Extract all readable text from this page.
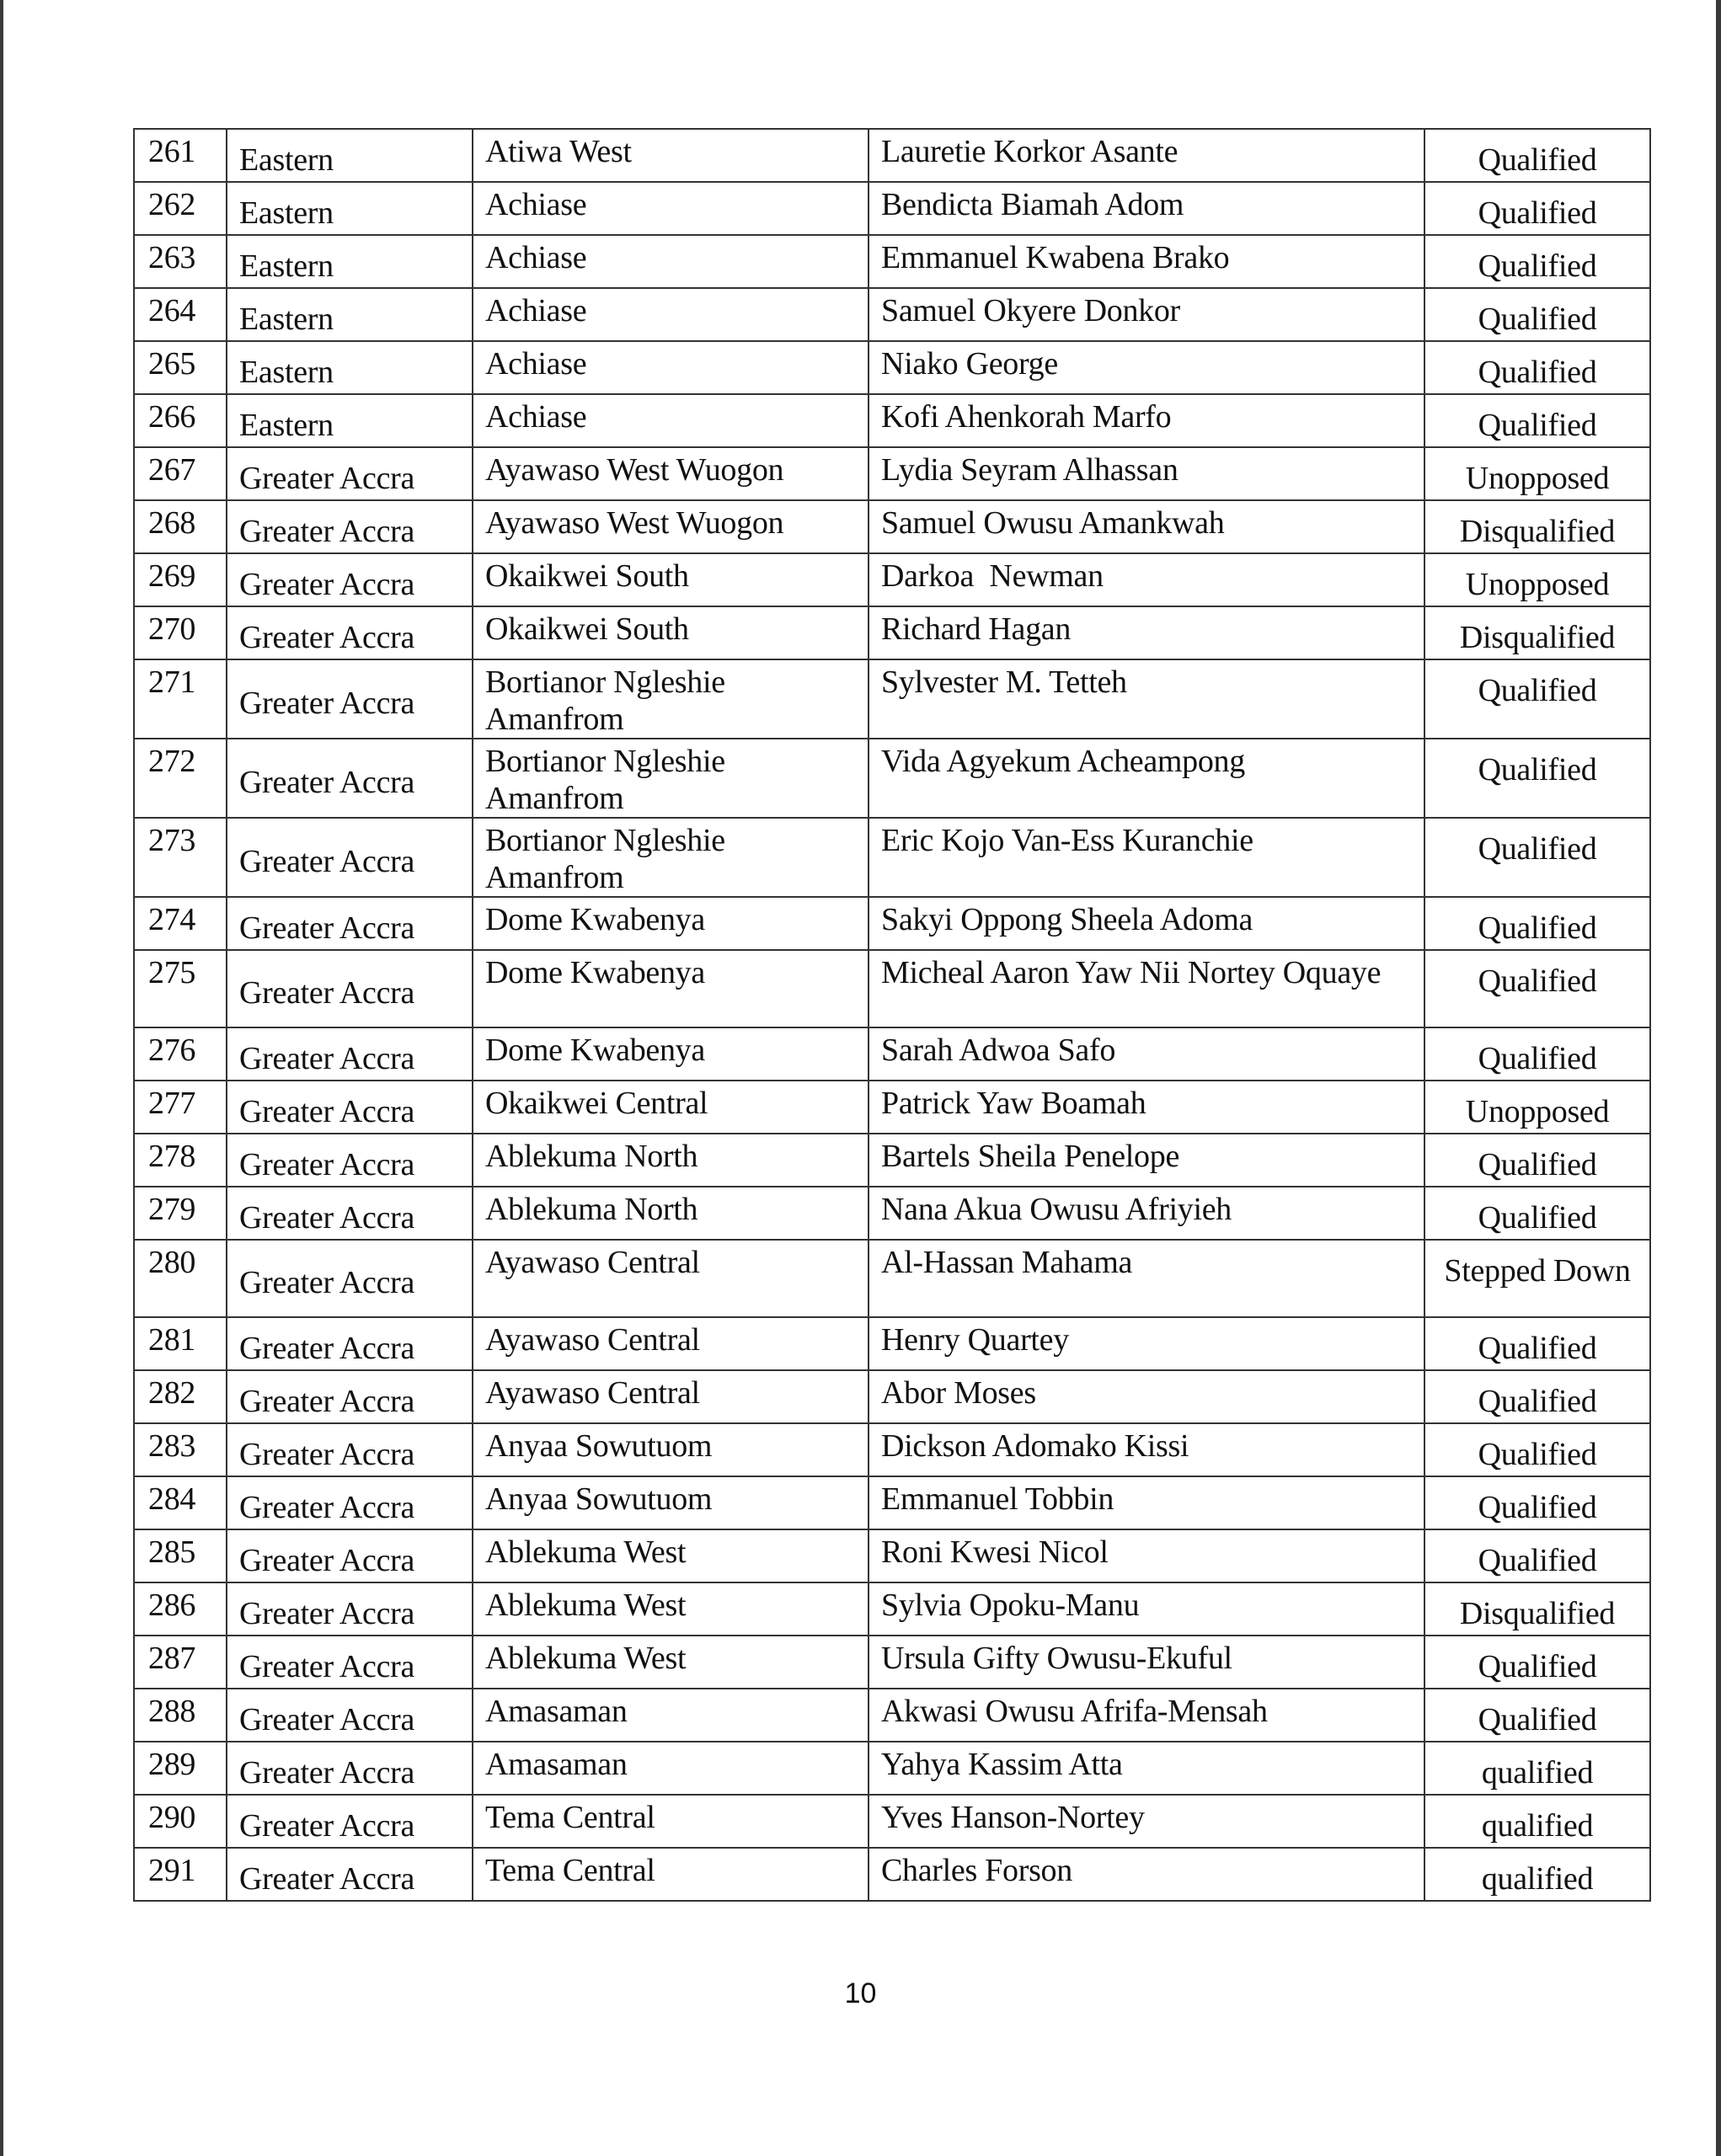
261	Eastern	Atiwa West	Lauretie Korkor Asante	Qualified
262	Eastern	Achiase	Bendicta Biamah Adom	Qualified
263	Eastern	Achiase	Emmanuel Kwabena Brako	Qualified
264	Eastern	Achiase	Samuel Okyere Donkor	Qualified
265	Eastern	Achiase	Niako George	Qualified
266	Eastern	Achiase	Kofi Ahenkorah Marfo	Qualified
267	Greater Accra	Ayawaso West Wuogon	Lydia Seyram Alhassan	Unopposed
268	Greater Accra	Ayawaso West Wuogon	Samuel Owusu Amankwah	Disqualified
269	Greater Accra	Okaikwei South	Darkoa  Newman	Unopposed
270	Greater Accra	Okaikwei South	Richard Hagan	Disqualified
271	Greater Accra	Bortianor Ngleshie Amanfrom	Sylvester M. Tetteh	Qualified
272	Greater Accra	Bortianor Ngleshie Amanfrom	Vida Agyekum Acheampong	Qualified
273	Greater Accra	Bortianor Ngleshie Amanfrom	Eric Kojo Van-Ess Kuranchie	Qualified
274	Greater Accra	Dome Kwabenya	Sakyi Oppong Sheela Adoma	Qualified
275	Greater Accra	Dome Kwabenya	Micheal Aaron Yaw Nii Nortey Oquaye	Qualified
276	Greater Accra	Dome Kwabenya	Sarah Adwoa Safo	Qualified
277	Greater Accra	Okaikwei Central	Patrick Yaw Boamah	Unopposed
278	Greater Accra	Ablekuma North	Bartels Sheila Penelope	Qualified
279	Greater Accra	Ablekuma North	Nana Akua Owusu Afriyieh	Qualified
280	Greater Accra	Ayawaso Central	Al-Hassan Mahama	Stepped Down
281	Greater Accra	Ayawaso Central	Henry Quartey	Qualified
282	Greater Accra	Ayawaso Central	Abor Moses	Qualified
283	Greater Accra	Anyaa Sowutuom	Dickson Adomako Kissi	Qualified
284	Greater Accra	Anyaa Sowutuom	Emmanuel Tobbin	Qualified
285	Greater Accra	Ablekuma West	Roni Kwesi Nicol	Qualified
286	Greater Accra	Ablekuma West	Sylvia Opoku-Manu	Disqualified
287	Greater Accra	Ablekuma West	Ursula Gifty Owusu-Ekuful	Qualified
288	Greater Accra	Amasaman	Akwasi Owusu Afrifa-Mensah	Qualified
289	Greater Accra	Amasaman	Yahya Kassim Atta	qualified
290	Greater Accra	Tema Central	Yves Hanson-Nortey	qualified
291	Greater Accra	Tema Central	Charles Forson	qualified
10
